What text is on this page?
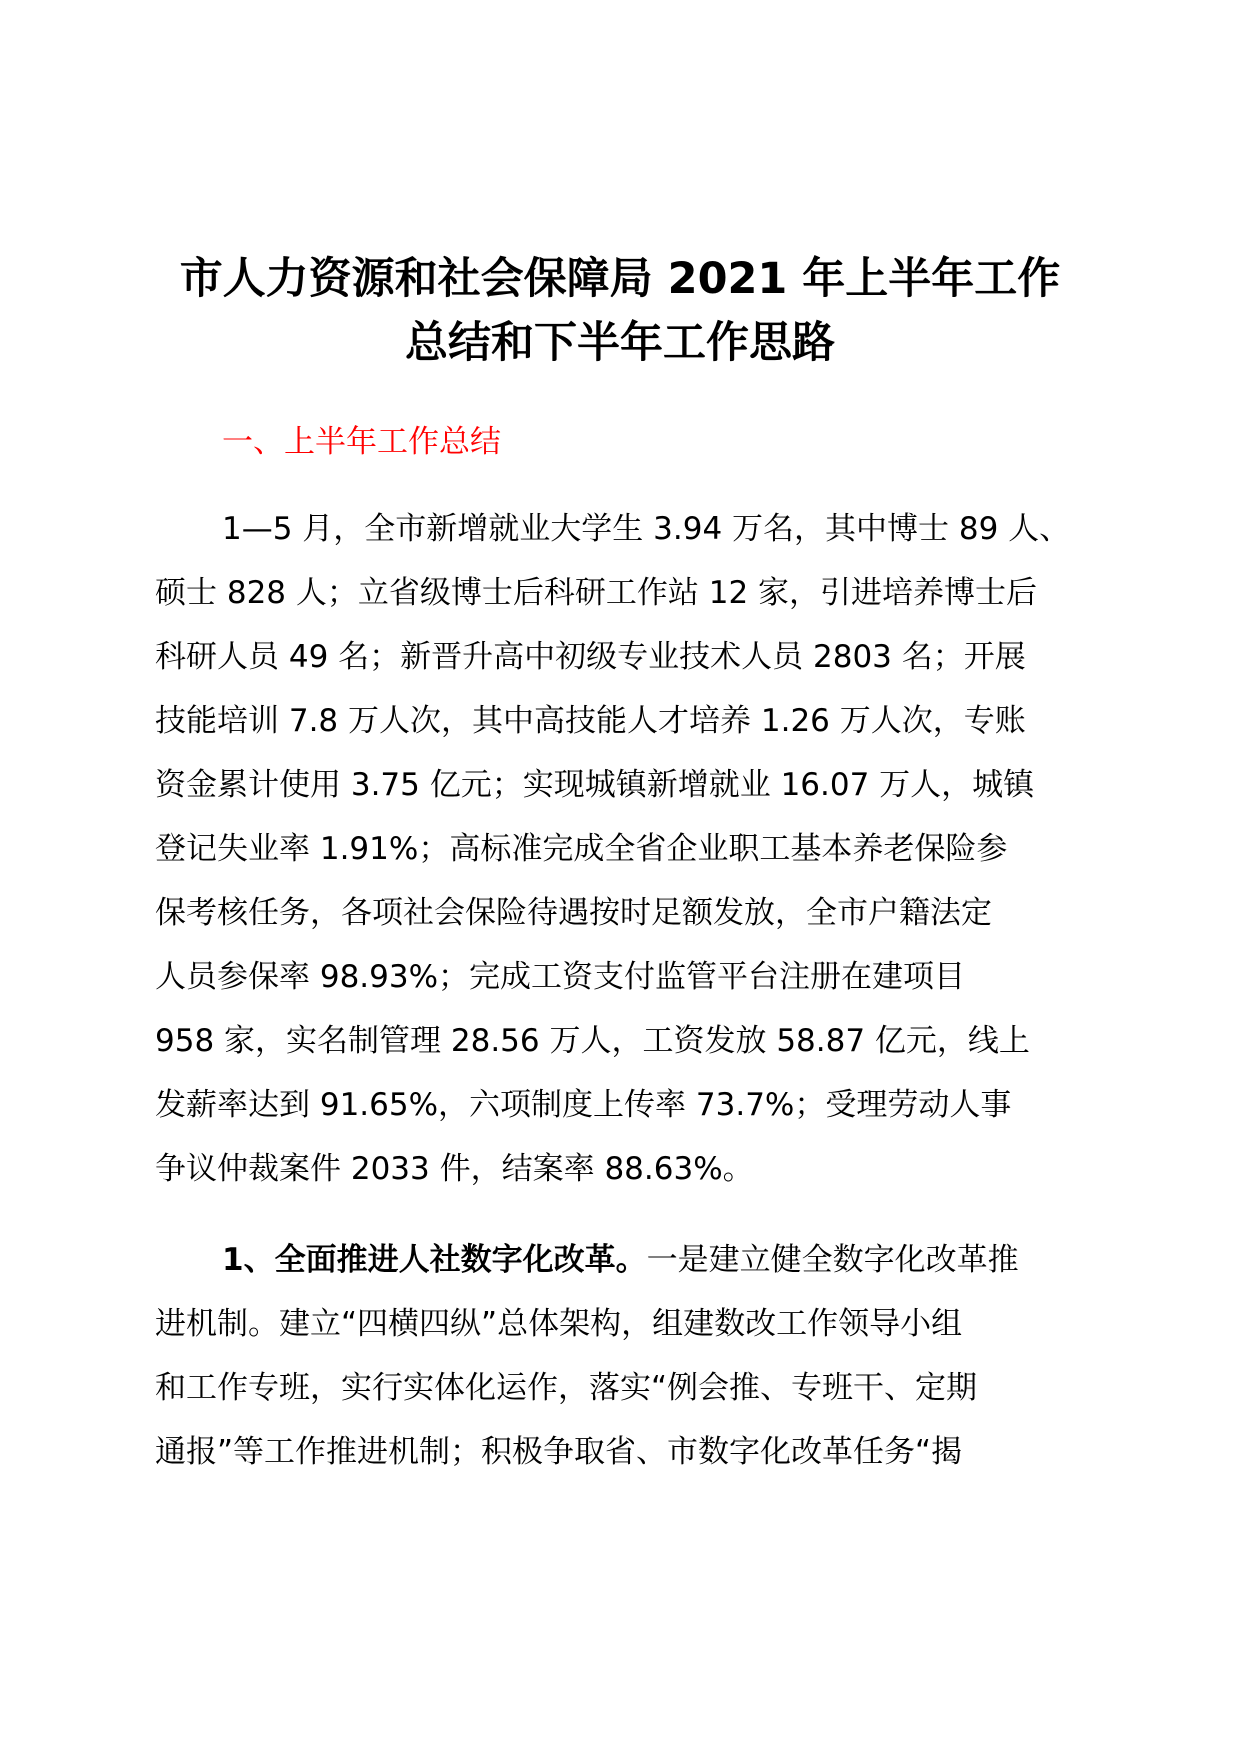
市人力资源和社会保障局 2021 年上半年工作
总结和下半年工作思路
一、上半年工作总结
1—5 月，全市新增就业大学生 3.94 万名，其中博士 89 人、
硕士 828 人；立省级博士后科研工作站 12 家，引进培养博士后
科研人员 49 名；新晋升高中初级专业技术人员 2803 名；开展
技能培训 7.8 万人次，其中高技能人才培养 1.26 万人次，专账
资金累计使用 3.75 亿元；实现城镇新增就业 16.07 万人，城镇
登记失业率 1.91%；高标准完成全省企业职工基本养老保险参
保考核任务，各项社会保险待遇按时足额发放，全市户籍法定
人员参保率 98.93%；完成工资支付监管平台注册在建项目
958 家，实名制管理 28.56 万人，工资发放 58.87 亿元，线上
发薪率达到 91.65%，六项制度上传率 73.7%；受理劳动人事
争议仲裁案件 2033 件，结案率 88.63%。
1、全面推进人社数字化改革。一是建立健全数字化改革推
进机制。建立“四横四纵”总体架构，组建数改工作领导小组
和工作专班，实行实体化运作，落实“例会推、专班干、定期
通报”等工作推进机制；积极争取省、市数字化改革任务“揭
